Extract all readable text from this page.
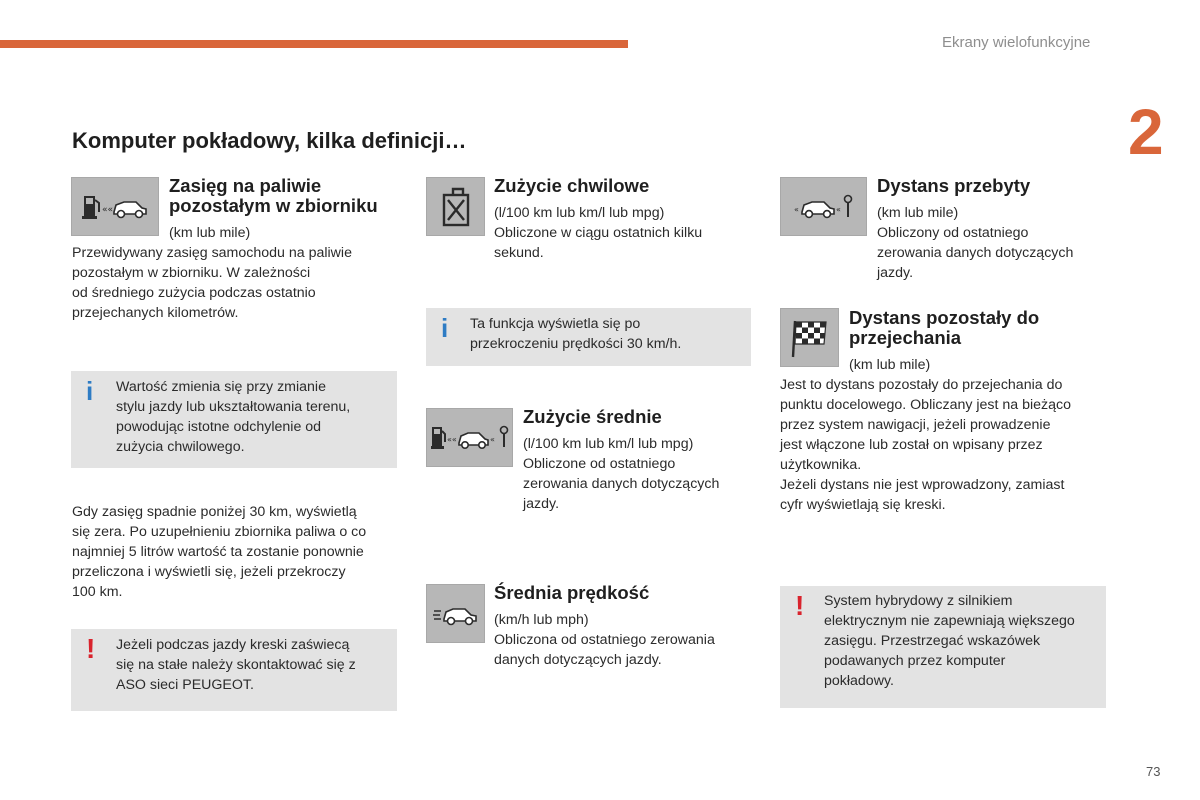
Ekrany wielofunkcyjne
2
Komputer pokładowy, kilka definicji…
««
Zasięg na paliwie
pozostałym w zbiorniku

(km lub mile)

Przewidywany zasięg samochodu na paliwie
pozostałym w zbiorniku. W zależności
od średniego zużycia podczas ostatnio
przejechanych kilometrów.
i Wartość zmienia się przy zmianie
stylu jazdy lub ukształtowania terenu,
powodując istotne odchylenie od
zużycia chwilowego.
Gdy zasięg spadnie poniżej 30 km, wyświetlą
się zera. Po uzupełnieniu zbiornika paliwa o co
najmniej 5 litrów wartość ta zostanie ponownie
przeliczona i wyświetli się, jeżeli przekroczy
100 km.
! Jeżeli podczas jazdy kreski zaświecą
się na stałe należy skontaktować się z
ASO sieci PEUGEOT.
Zużycie chwilowe
(l/100 km lub km/l lub mpg)
Obliczone w ciągu ostatnich kilku
sekund.
i Ta funkcja wyświetla się po
przekroczeniu prędkości 30 km/h.
««	«
Zużycie średnie
(l/100 km lub km/l lub mpg)
Obliczone od ostatniego
zerowania danych dotyczących
jazdy.
Średnia prędkość
(km/h lub mph)
Obliczona od ostatniego zerowania
danych dotyczących jazdy.
«	«
Dystans przebyty
(km lub mile)
Obliczony od ostatniego
zerowania danych dotyczących
jazdy.
Dystans pozostały do
przejechania

(km lub mile)

Jest to dystans pozostały do przejechania do
punktu docelowego. Obliczany jest na bieżąco
przez system nawigacji, jeżeli prowadzenie
jest włączone lub został on wpisany przez
użytkownika.
Jeżeli dystans nie jest wprowadzony, zamiast
cyfr wyświetlają się kreski.
! System hybrydowy z silnikiem
elektrycznym nie zapewniają większego
zasięgu. Przestrzegać wskazówek
podawanych przez komputer
pokładowy.
73
